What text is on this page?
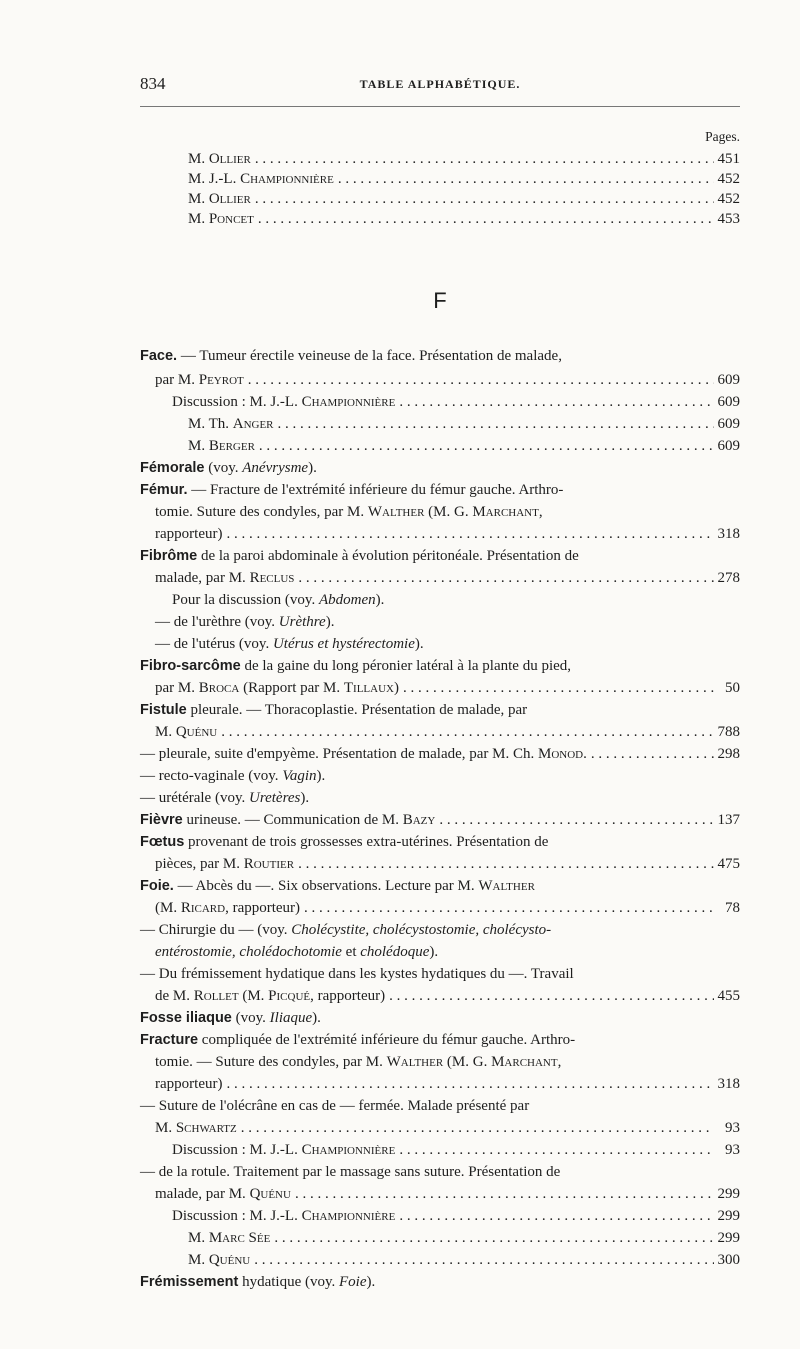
834	TABLE ALPHABÉTIQUE.
Pages.
F
M. Ollier . . .	451
M. J.-L. Championnière . . .	452
M. Ollier . . .	452
M. Poncet . . .	453
Face. — Tumeur érectile veineuse de la face. Présentation de malade,
par M. Peyrot . . .	609
Discussion : M. J.-L. Championnière . . .	609
M. Th. Anger . . .	609
M. Berger . . .	609
Fémorale (voy. Anévrysme).
Fémur. — Fracture de l'extrémité inférieure du fémur gauche. Arthro-
tomie. Suture des condyles, par M. Walther (M. G. Marchant,
rapporteur) . . .	318
Fibrôme de la paroi abdominale à évolution péritonéale. Présentation de
malade, par M. Reclus . . .	278
Pour la discussion (voy. Abdomen).
— de l'urèthre (voy. Urèthre).
— de l'utérus (voy. Utérus et hystérectomie).
Fibro-sarcôme de la gaine du long péronier latéral à la plante du pied,
par M. Broca (Rapport par M. Tillaux) . . .	50
Fistule pleurale. — Thoracoplastie. Présentation de malade, par
M. Quénu . . .	788
— pleurale, suite d'empyème. Présentation de malade, par M. Ch. Monod. . . .	298
— recto-vaginale (voy. Vagin).
— urétérale (voy. Uretères).
Fièvre urineuse. — Communication de M. Bazy . . .	137
Fœtus provenant de trois grossesses extra-utérines. Présentation de
pièces, par M. Routier . . .	475
Foie. — Abcès du —. Six observations. Lecture par M. Walther
(M. Ricard, rapporteur) . . .	78
— Chirurgie du — (voy. Cholécystite, cholécystostomie, cholécysto-
entérostomie, cholédochotomie et cholédoque).
— Du frémissement hydatique dans les kystes hydatiques du —. Travail
de M. Rollet (M. Picqué, rapporteur) . . .	455
Fosse iliaque (voy. Iliaque).
Fracture compliquée de l'extrémité inférieure du fémur gauche. Arthro-
tomie. — Suture des condyles, par M. Walther (M. G. Marchant,
rapporteur) . . .	318
— Suture de l'olécrâne en cas de — fermée. Malade présenté par
M. Schwartz . . .	93
Discussion : M. J.-L. Championnière . . .	93
— de la rotule. Traitement par le massage sans suture. Présentation de
malade, par M. Quénu . . .	299
Discussion : M. J.-L. Championnière . . .	299
M. Marc Sée . . .	299
M. Quénu . . .	300
Frémissement hydatique (voy. Foie).
